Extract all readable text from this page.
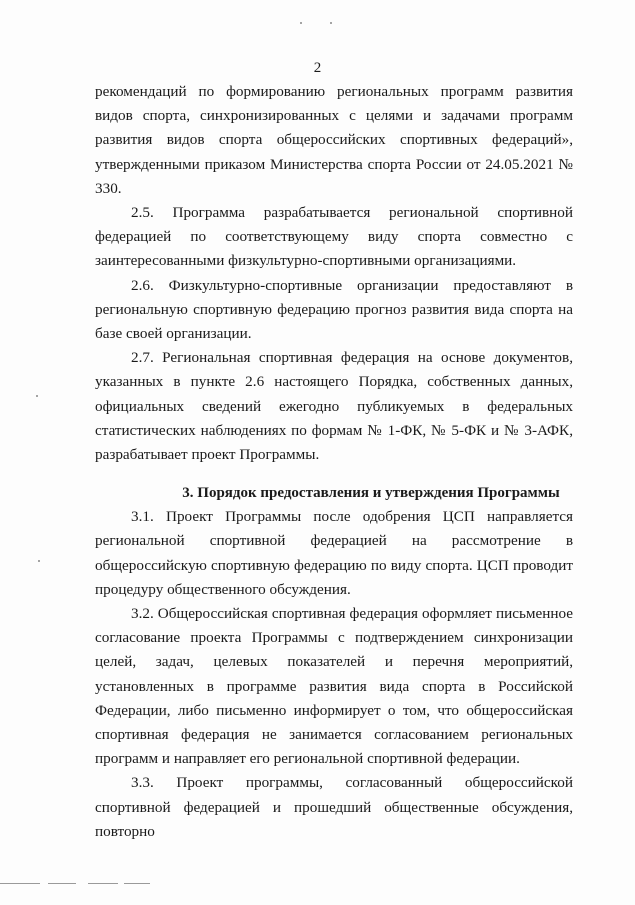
2

рекомендаций по формированию региональных программ развития видов спорта, синхронизированных с целями и задачами программ развития видов спорта общероссийских спортивных федераций», утвержденными приказом Министерства спорта России от 24.05.2021 № 330.

2.5. Программа разрабатывается региональной спортивной федерацией по соответствующему виду спорта совместно с заинтересованными физкультурно-спортивными организациями.

2.6. Физкультурно-спортивные организации предоставляют в региональную спортивную федерацию прогноз развития вида спорта на базе своей организации.

2.7. Региональная спортивная федерация на основе документов, указанных в пункте 2.6 настоящего Порядка, собственных данных, официальных сведений ежегодно публикуемых в федеральных статистических наблюдениях по формам № 1-ФК, № 5-ФК и № 3-АФК, разрабатывает проект Программы.

3. Порядок предоставления и утверждения Программы

3.1. Проект Программы после одобрения ЦСП направляется региональной спортивной федерацией на рассмотрение в общероссийскую спортивную федерацию по виду спорта. ЦСП проводит процедуру общественного обсуждения.

3.2. Общероссийская спортивная федерация оформляет письменное согласование проекта Программы с подтверждением синхронизации целей, задач, целевых показателей и перечня мероприятий, установленных в программе развития вида спорта в Российской Федерации, либо письменно информирует о том, что общероссийская спортивная федерация не занимается согласованием региональных программ и направляет его региональной спортивной федерации.

3.3. Проект программы, согласованный общероссийской спортивной федерацией и прошедший общественные обсуждения, повторно
